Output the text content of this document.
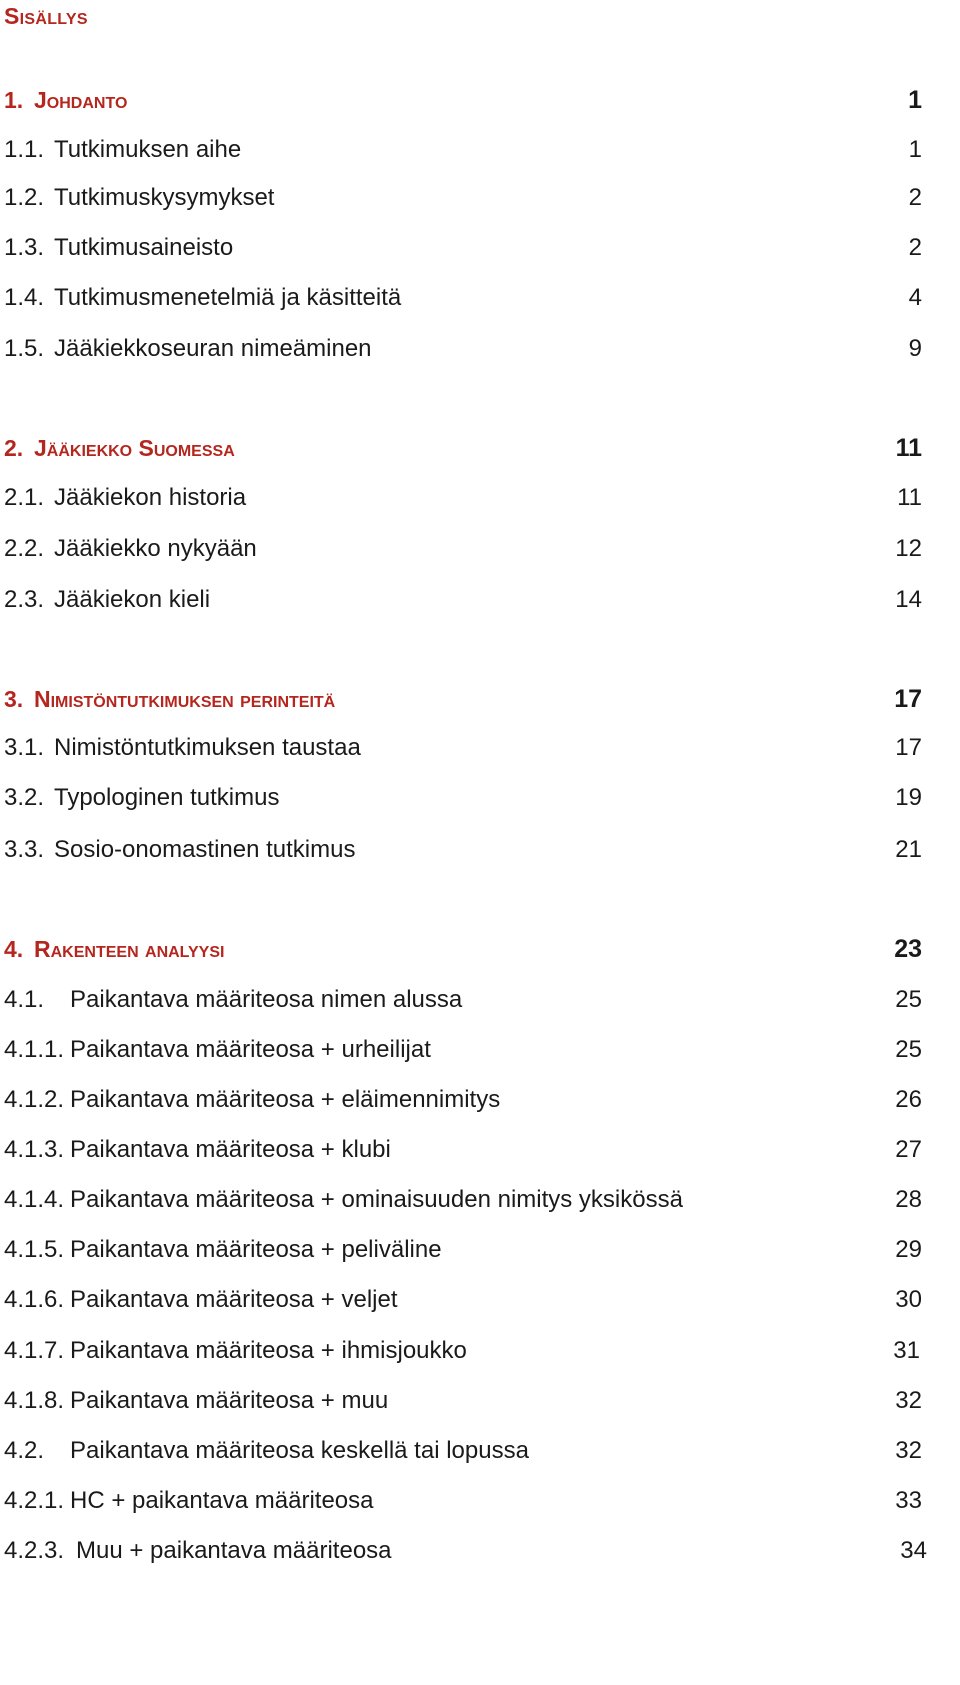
Sisällys
1. Johdanto	1
1.1. Tutkimuksen aihe	1
1.2. Tutkimuskysymykset	2
1.3. Tutkimusaineisto	2
1.4. Tutkimusmenetelmiä ja käsitteitä	4
1.5. Jääkiekkoseuran nimeäminen	9
2. Jääkiekko Suomessa	11
2.1. Jääkiekon historia	11
2.2. Jääkiekko nykyään	12
2.3. Jääkiekon kieli	14
3. Nimistöntutkimuksen perinteitä	17
3.1. Nimistöntutkimuksen taustaa	17
3.2. Typologinen tutkimus	19
3.3. Sosio-onomastinen tutkimus	21
4. Rakenteen analyysi	23
4.1. Paikantava määriteosa nimen alussa	25
4.1.1. Paikantava määriteosa + urheilijat	25
4.1.2. Paikantava määriteosa + eläimennimitys	26
4.1.3. Paikantava määriteosa + klubi	27
4.1.4. Paikantava määriteosa + ominaisuuden nimitys yksikössä	28
4.1.5. Paikantava määriteosa + peliväline	29
4.1.6. Paikantava määriteosa + veljet	30
4.1.7. Paikantava määriteosa + ihmisjoukko	31
4.1.8. Paikantava määriteosa + muu	32
4.2. Paikantava määriteosa keskellä tai lopussa	32
4.2.1. HC + paikantava määriteosa	33
4.2.3. Muu + paikantava määriteosa	34
